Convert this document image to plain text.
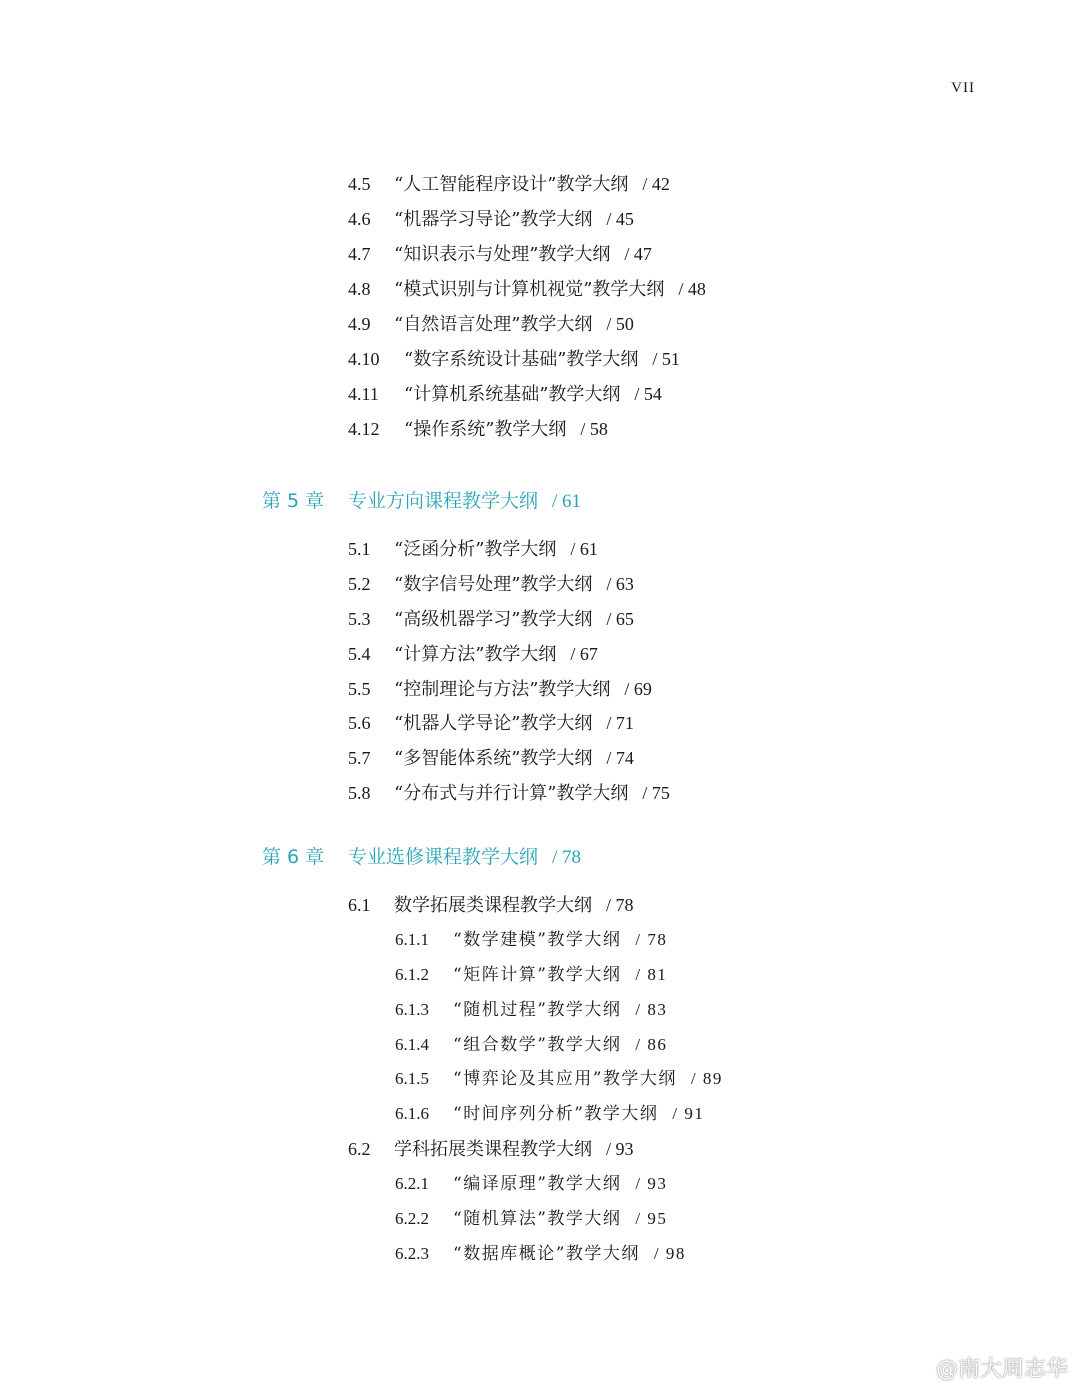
VII
4.5 “人工智能程序设计”教学大纲 / 42
4.6 “机器学习导论”教学大纲 / 45
4.7 “知识表示与处理”教学大纲 / 47
4.8 “模式识别与计算机视觉”教学大纲 / 48
4.9 “自然语言处理”教学大纲 / 50
4.10 “数字系统设计基础”教学大纲 / 51
4.11 “计算机系统基础”教学大纲 / 54
4.12 “操作系统”教学大纲 / 58
第 5 章 专业方向课程教学大纲 / 61
5.1 “泛函分析”教学大纲 / 61
5.2 “数字信号处理”教学大纲 / 63
5.3 “高级机器学习”教学大纲 / 65
5.4 “计算方法”教学大纲 / 67
5.5 “控制理论与方法”教学大纲 / 69
5.6 “机器人学导论”教学大纲 / 71
5.7 “多智能体系统”教学大纲 / 74
5.8 “分布式与并行计算”教学大纲 / 75
第 6 章 专业选修课程教学大纲 / 78
6.1 数学拓展类课程教学大纲 / 78
6.1.1 “数学建模”教学大纲 / 78
6.1.2 “矩阵计算”教学大纲 / 81
6.1.3 “随机过程”教学大纲 / 83
6.1.4 “组合数学”教学大纲 / 86
6.1.5 “博弈论及其应用”教学大纲 / 89
6.1.6 “时间序列分析”教学大纲 / 91
6.2 学科拓展类课程教学大纲 / 93
6.2.1 “编译原理”教学大纲 / 93
6.2.2 “随机算法”教学大纲 / 95
6.2.3 “数据库概论”教学大纲 / 98
@南大周志华
